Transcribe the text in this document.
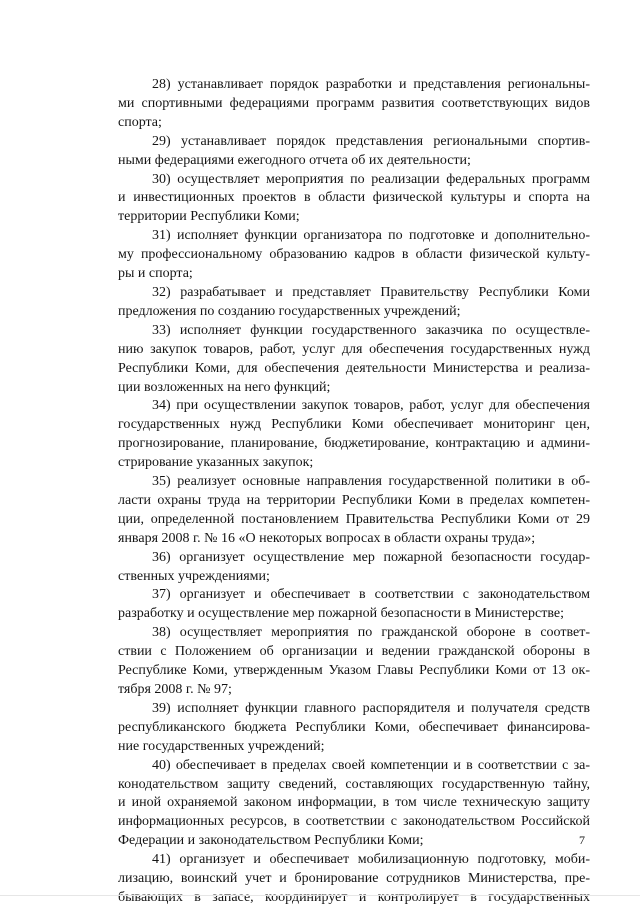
28) устанавливает порядок разработки и представления региональны-
ми спортивными федерациями программ развития соответствующих видов
спорта;
29) устанавливает порядок представления региональными спортив-
ными федерациями ежегодного отчета об их деятельности;
30) осуществляет мероприятия по реализации федеральных программ
и инвестиционных проектов в области физической культуры и спорта на
территории Республики Коми;
31) исполняет функции организатора по подготовке и дополнительно-
му профессиональному образованию кадров в области физической культу-
ры и спорта;
32) разрабатывает и представляет Правительству Республики Коми
предложения по созданию государственных учреждений;
33) исполняет функции государственного заказчика по осуществле-
нию закупок товаров, работ, услуг для обеспечения государственных нужд
Республики Коми, для обеспечения деятельности Министерства и реализа-
ции возложенных на него функций;
34) при осуществлении закупок товаров, работ, услуг для обеспечения
государственных нужд Республики Коми обеспечивает мониторинг цен,
прогнозирование, планирование, бюджетирование, контрактацию и админи-
стрирование указанных закупок;
35) реализует основные направления государственной политики в об-
ласти охраны труда на территории Республики Коми в пределах компетен-
ции, определенной постановлением Правительства Республики Коми от 29
января 2008 г. № 16 «О некоторых вопросах в области охраны труда»;
36) организует осуществление мер пожарной безопасности государ-
ственных учреждениями;
37) организует и обеспечивает в соответствии с законодательством
разработку и осуществление мер пожарной безопасности в Министерстве;
38) осуществляет мероприятия по гражданской обороне в соответ-
ствии с Положением об организации и ведении гражданской обороны в
Республике Коми, утвержденным Указом Главы Республики Коми от 13 ок-
тября 2008 г. № 97;
39) исполняет функции главного распорядителя и получателя средств
республиканского бюджета Республики Коми, обеспечивает финансирова-
ние государственных учреждений;
40) обеспечивает в пределах своей компетенции и в соответствии с за-
конодательством защиту сведений, составляющих государственную тайну,
и иной охраняемой законом информации, в том числе техническую защиту
информационных ресурсов, в соответствии с законодательством Российской
Федерации и законодательством Республики Коми;
41) организует и обеспечивает мобилизационную подготовку, моби-
лизацию, воинский учет и бронирование сотрудников Министерства, пре-
бывающих в запасе, координирует и контролирует в государственных
7
